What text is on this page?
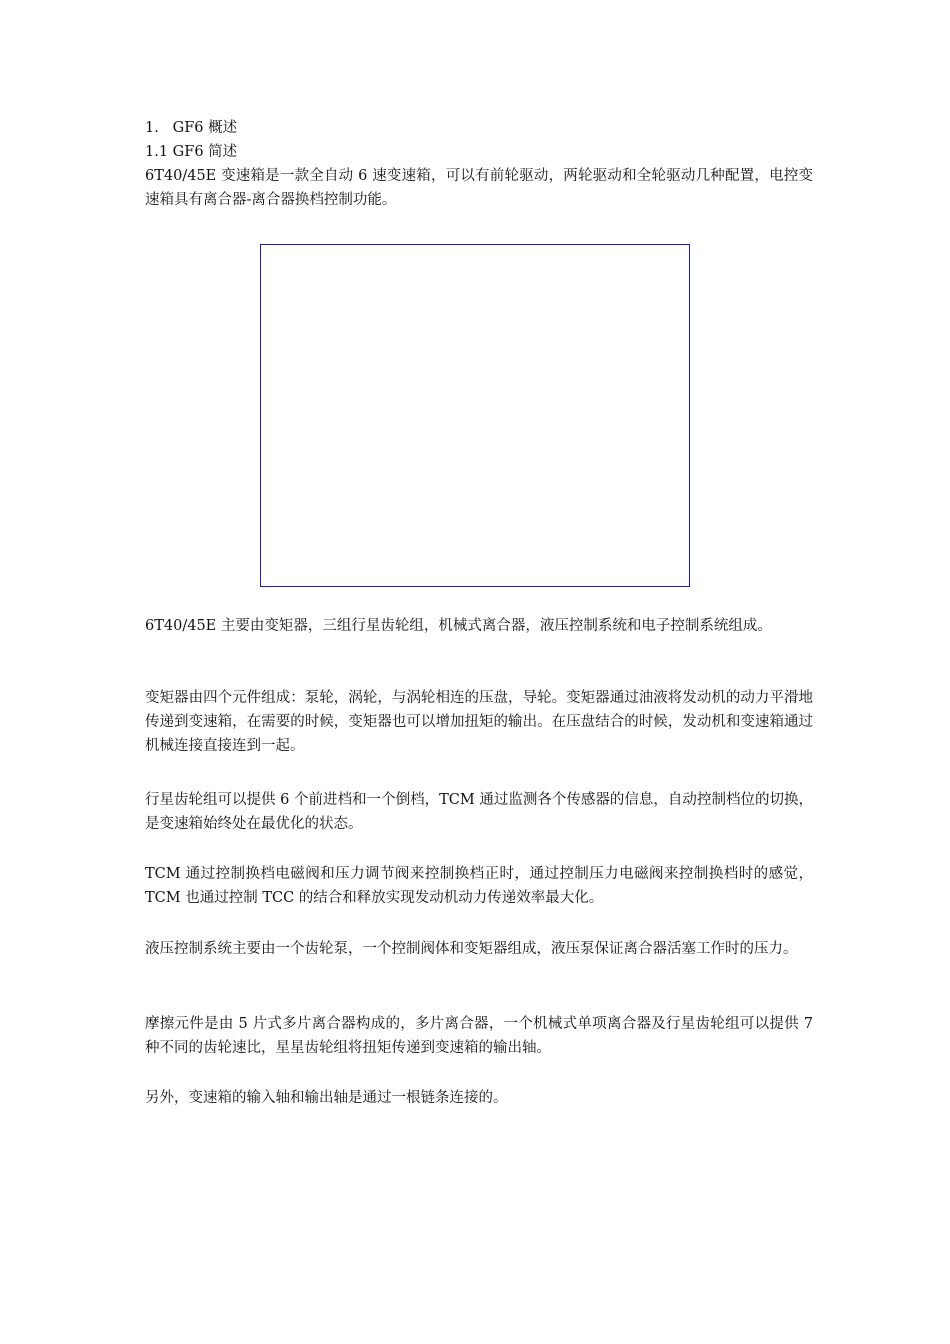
1.   GF6 概述

1.1 GF6 简述

6T40/45E 变速箱是一款全自动 6 速变速箱，可以有前轮驱动，两轮驱动和全轮驱动几种配置，电控变速箱具有离合器-离合器换档控制功能。

6T40/45E 主要由变矩器，三组行星齿轮组，机械式离合器，液压控制系统和电子控制系统组成。

变矩器由四个元件组成：泵轮，涡轮，与涡轮相连的压盘，导轮。变矩器通过油液将发动机的动力平滑地传递到变速箱，在需要的时候，变矩器也可以增加扭矩的输出。在压盘结合的时候，发动机和变速箱通过机械连接直接连到一起。

行星齿轮组可以提供 6 个前进档和一个倒档，TCM 通过监测各个传感器的信息，自动控制档位的切换，是变速箱始终处在最优化的状态。

TCM 通过控制换档电磁阀和压力调节阀来控制换档正时，通过控制压力电磁阀来控制换档时的感觉，TCM 也通过控制 TCC 的结合和释放实现发动机动力传递效率最大化。

液压控制系统主要由一个齿轮泵，一个控制阀体和变矩器组成，液压泵保证离合器活塞工作时的压力。

摩擦元件是由 5 片式多片离合器构成的，多片离合器，一个机械式单项离合器及行星齿轮组可以提供 7 种不同的齿轮速比，星星齿轮组将扭矩传递到变速箱的输出轴。

另外，变速箱的输入轴和输出轴是通过一根链条连接的。
